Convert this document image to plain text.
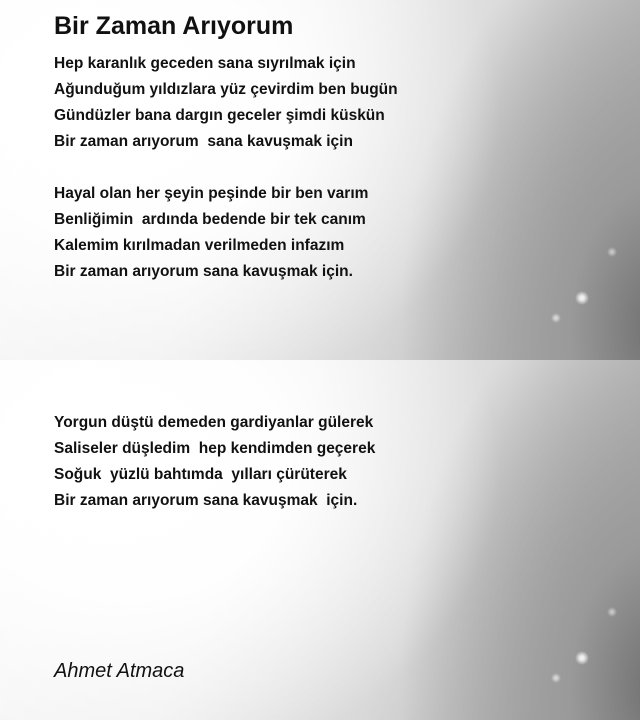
Bir Zaman Arıyorum
Hep karanlık geceden sana sıyrılmak için
Ağunduğum yıldızlara yüz çevirdim ben bugün
Gündüzler bana dargın geceler şimdi küskün
Bir zaman arıyorum  sana kavuşmak için
Hayal olan her şeyin peşinde bir ben varım
Benliğimin  ardında bedende bir tek canım
Kalemim kırılmadan verilmeden infazım
Bir zaman arıyorum sana kavuşmak için.
Yorgun düştü demeden gardiyanlar gülerek
Saliseler düşledim  hep kendimden geçerek
Soğuk  yüzlü bahtımda  yılları çürüterek
Bir zaman arıyorum sana kavuşmak  için.

Ahmet Atmaca
